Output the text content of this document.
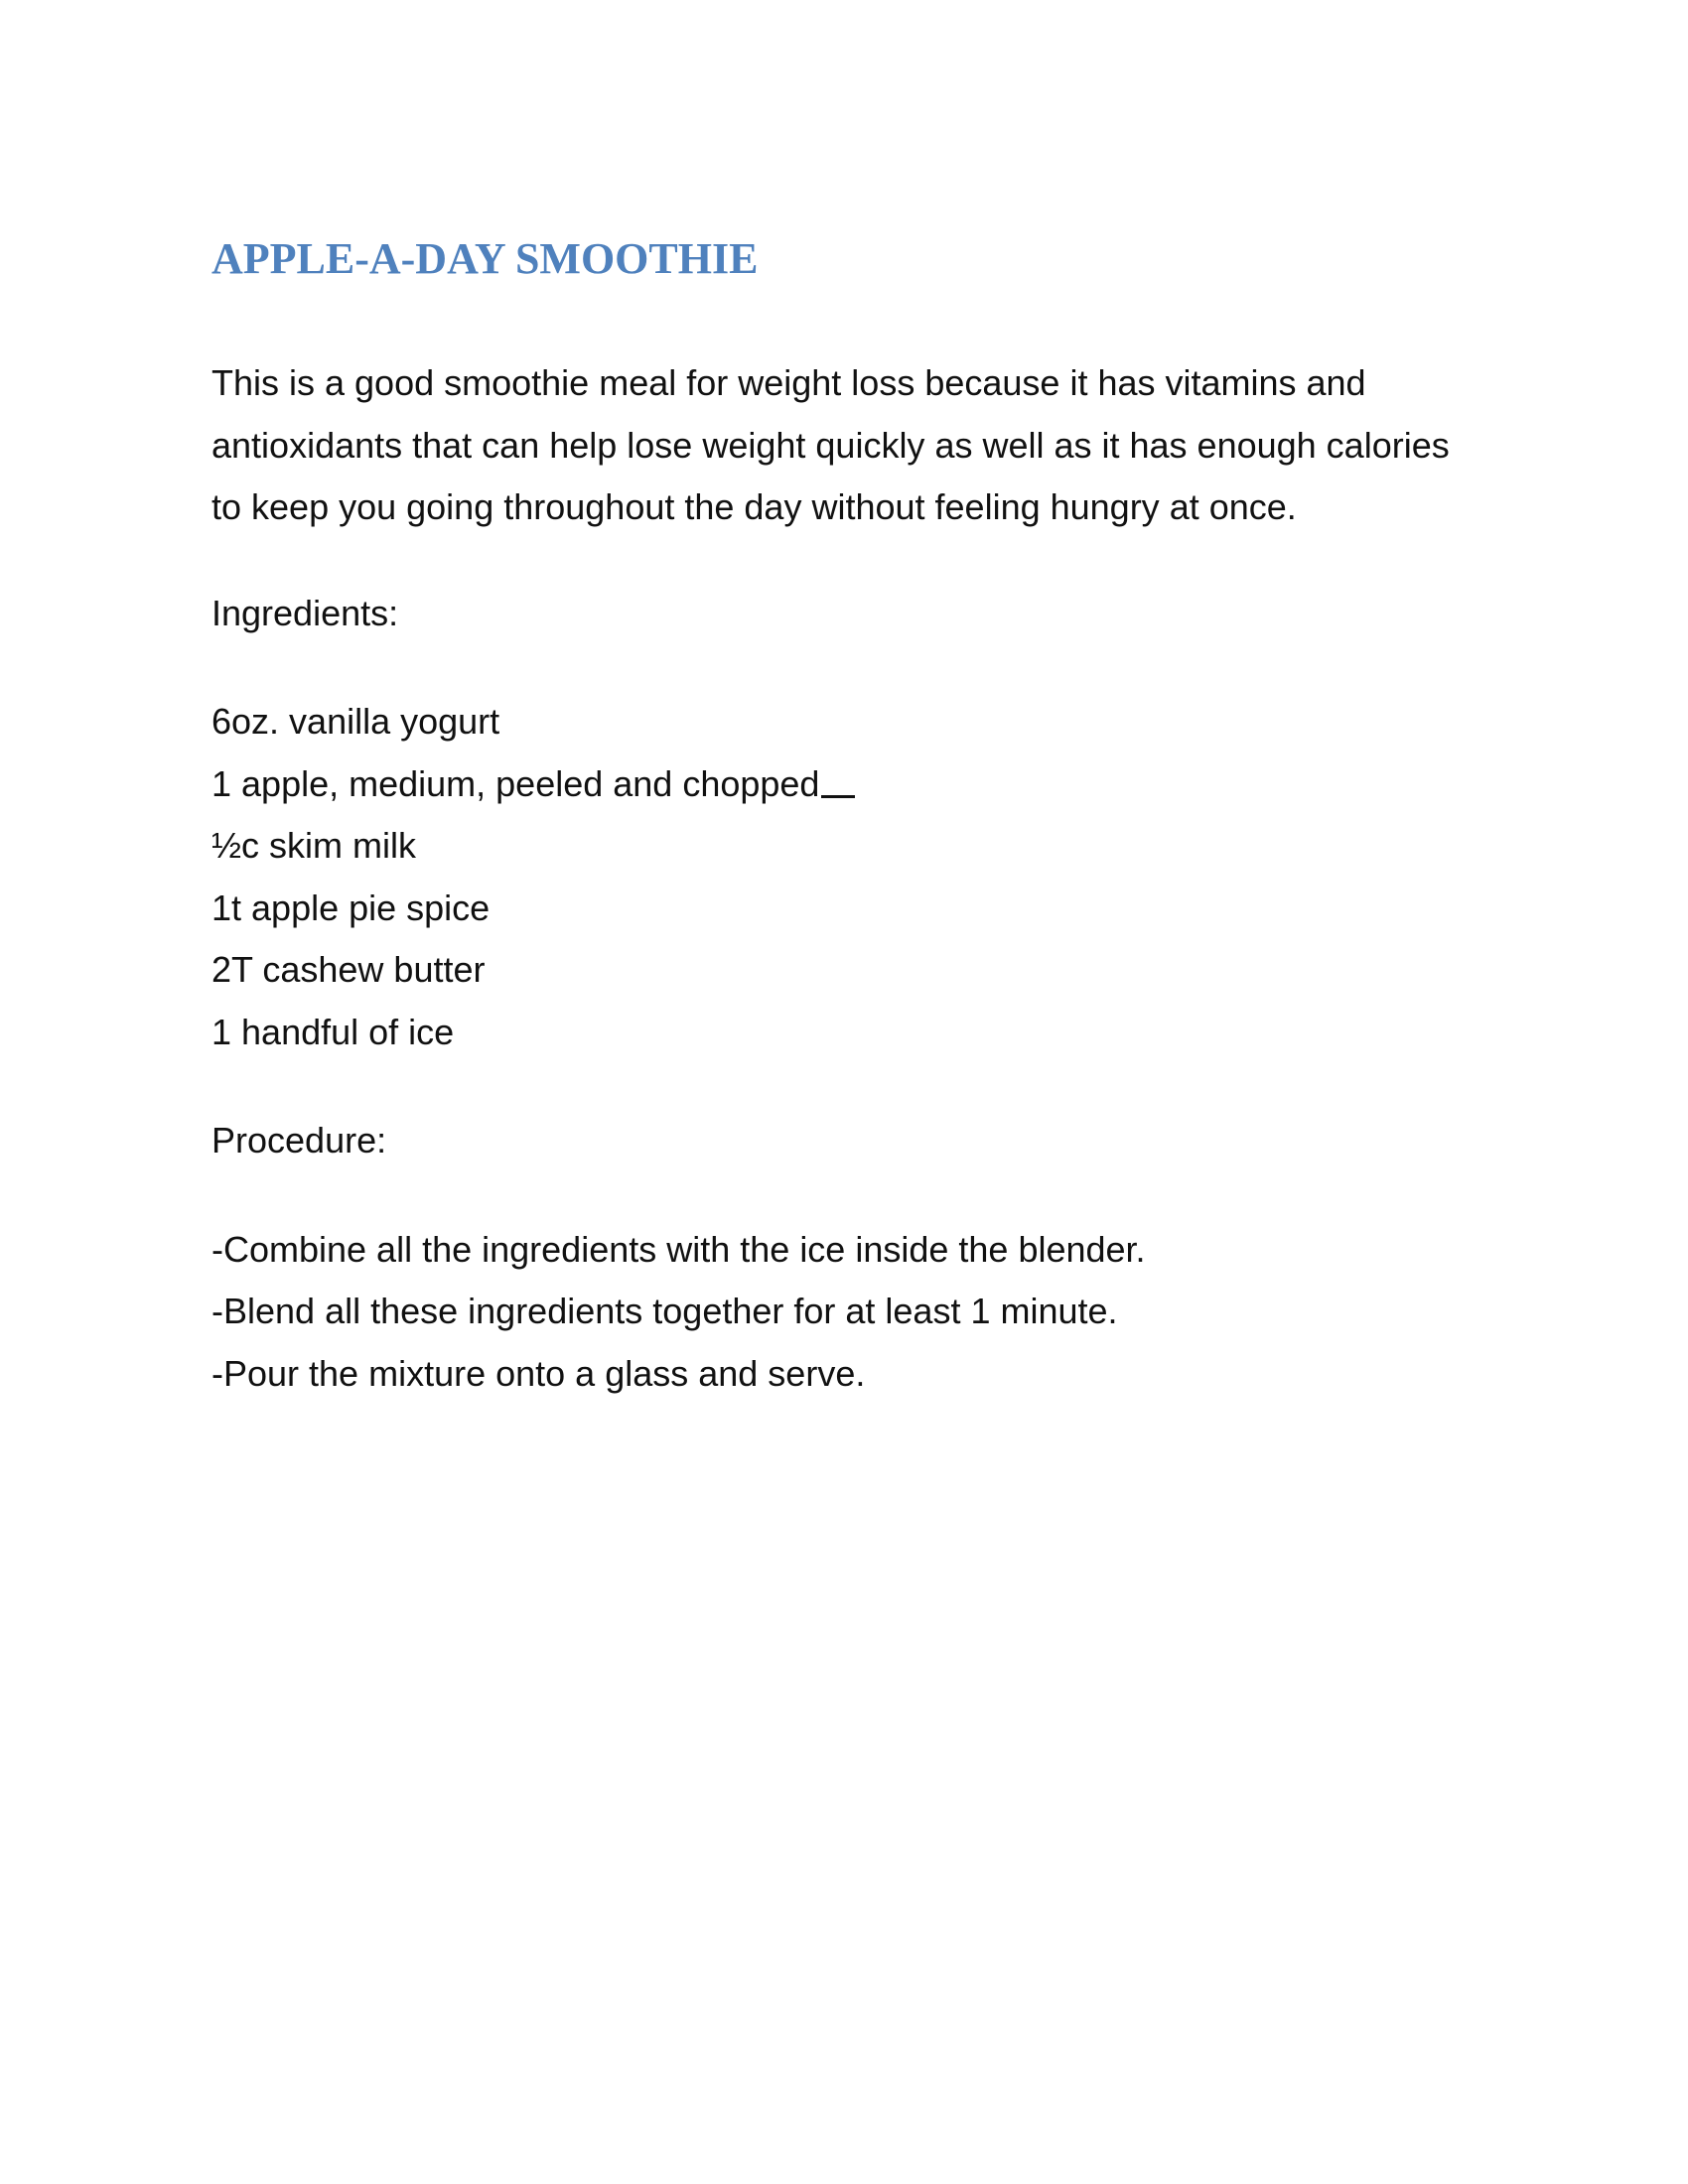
APPLE-A-DAY SMOOTHIE

This is a good smoothie meal for weight loss because it has vitamins and antioxidants that can help lose weight quickly as well as it has enough calories to keep you going throughout the day without feeling hungry at once.

Ingredients:

6oz. vanilla yogurt
1 apple, medium, peeled and chopped
½c skim milk
1t apple pie spice
2T cashew butter
1 handful of ice

Procedure:

-Combine all the ingredients with the ice inside the blender.
-Blend all these ingredients together for at least 1 minute.
-Pour the mixture onto a glass and serve.
